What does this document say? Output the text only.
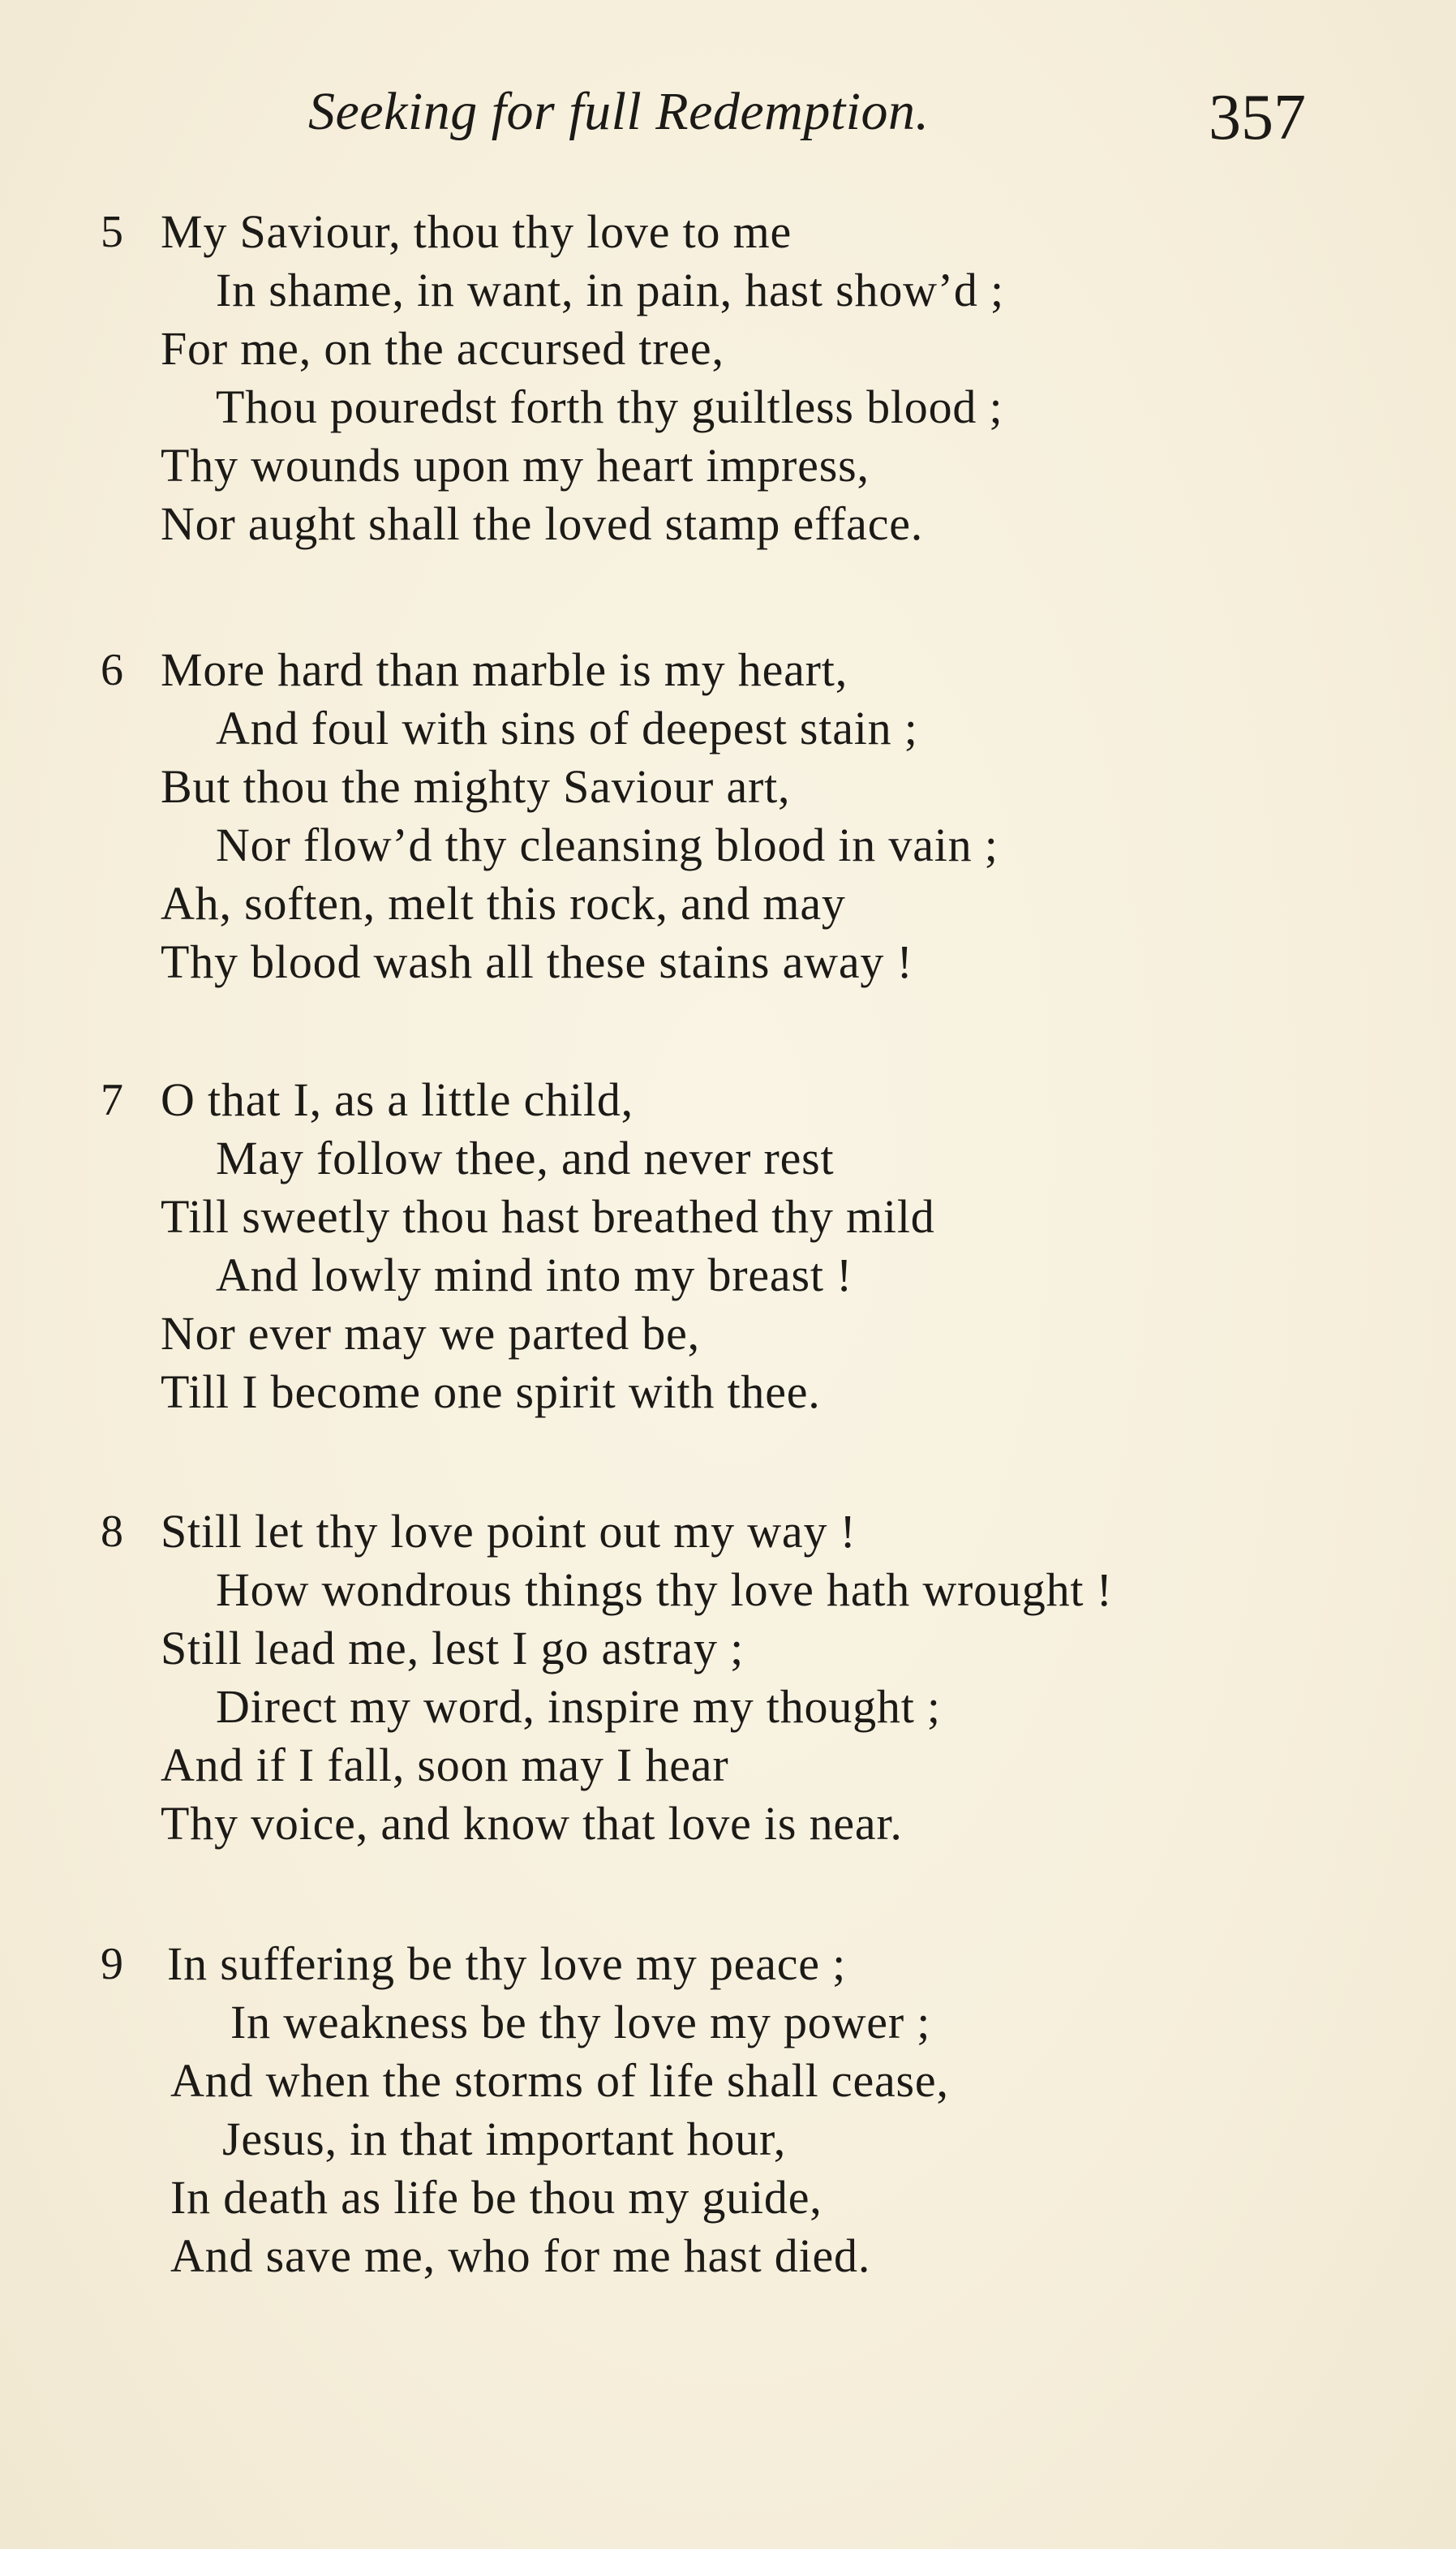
Seeking for full Redemption.	357
5 My Saviour, thou thy love to me
In shame, in want, in pain, hast show’d ;
For me, on the accursed tree,
Thou pouredst forth thy guiltless blood ;
Thy wounds upon my heart impress,
Nor aught shall the loved stamp efface.
6 More hard than marble is my heart,
And foul with sins of deepest stain ;
But thou the mighty Saviour art,
Nor flow’d thy cleansing blood in vain ;
Ah, soften, melt this rock, and may
Thy blood wash all these stains away !
7 O that I, as a little child,
May follow thee, and never rest
Till sweetly thou hast breathed thy mild
And lowly mind into my breast !
Nor ever may we parted be,
Till I become one spirit with thee.
8 Still let thy love point out my way !
How wondrous things thy love hath wrought !
Still lead me, lest I go astray ;
Direct my word, inspire my thought ;
And if I fall, soon may I hear
Thy voice, and know that love is near.
9 In suffering be thy love my peace ;
In weakness be thy love my power ;
And when the storms of life shall cease,
Jesus, in that important hour,
In death as life be thou my guide,
And save me, who for me hast died.
